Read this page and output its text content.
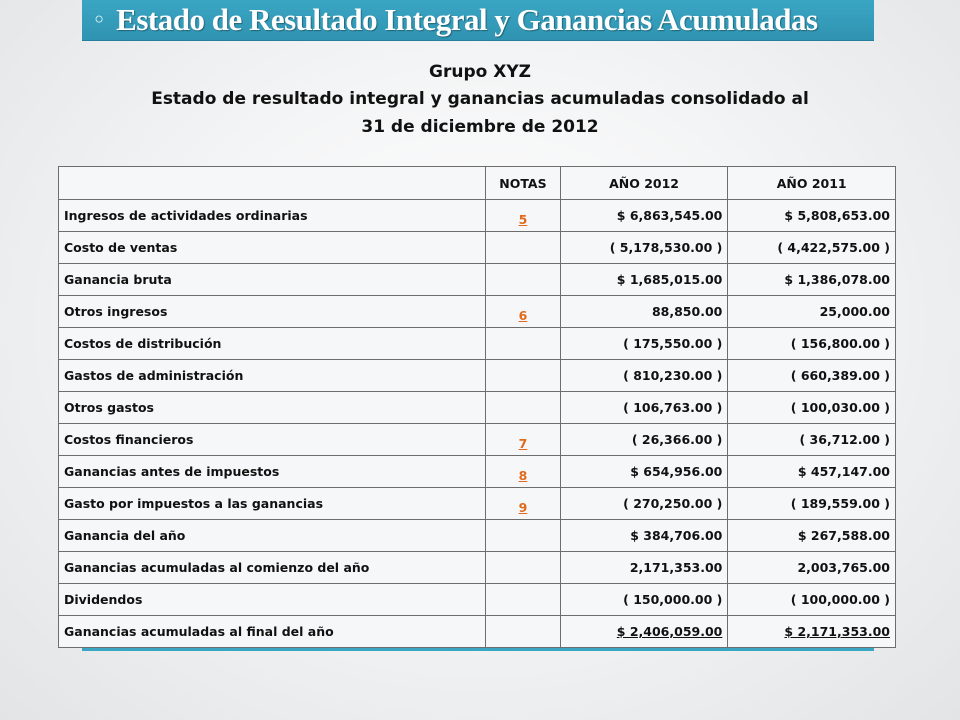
◦ Estado de Resultado Integral y Ganancias Acumuladas
Grupo XYZ
Estado de resultado integral y ganancias acumuladas consolidado al
31 de diciembre de 2012
	NOTAS	AÑO 2012	AÑO 2011
Ingresos de actividades ordinarias	5	$ 6,863,545.00	$ 5,808,653.00
Costo de ventas		( 5,178,530.00 )	( 4,422,575.00 )
Ganancia bruta		$ 1,685,015.00	$ 1,386,078.00
Otros ingresos	6	88,850.00	25,000.00
Costos de distribución		( 175,550.00 )	( 156,800.00 )
Gastos de administración		( 810,230.00 )	( 660,389.00 )
Otros gastos		( 106,763.00 )	( 100,030.00 )
Costos financieros	7	( 26,366.00 )	( 36,712.00 )
Ganancias antes de impuestos	8	$ 654,956.00	$ 457,147.00
Gasto por impuestos a las ganancias	9	( 270,250.00 )	( 189,559.00 )
Ganancia del año		$ 384,706.00	$ 267,588.00
Ganancias acumuladas al comienzo del año		2,171,353.00	2,003,765.00
Dividendos		( 150,000.00 )	( 100,000.00 )
Ganancias acumuladas al final del año		$ 2,406,059.00	$ 2,171,353.00
